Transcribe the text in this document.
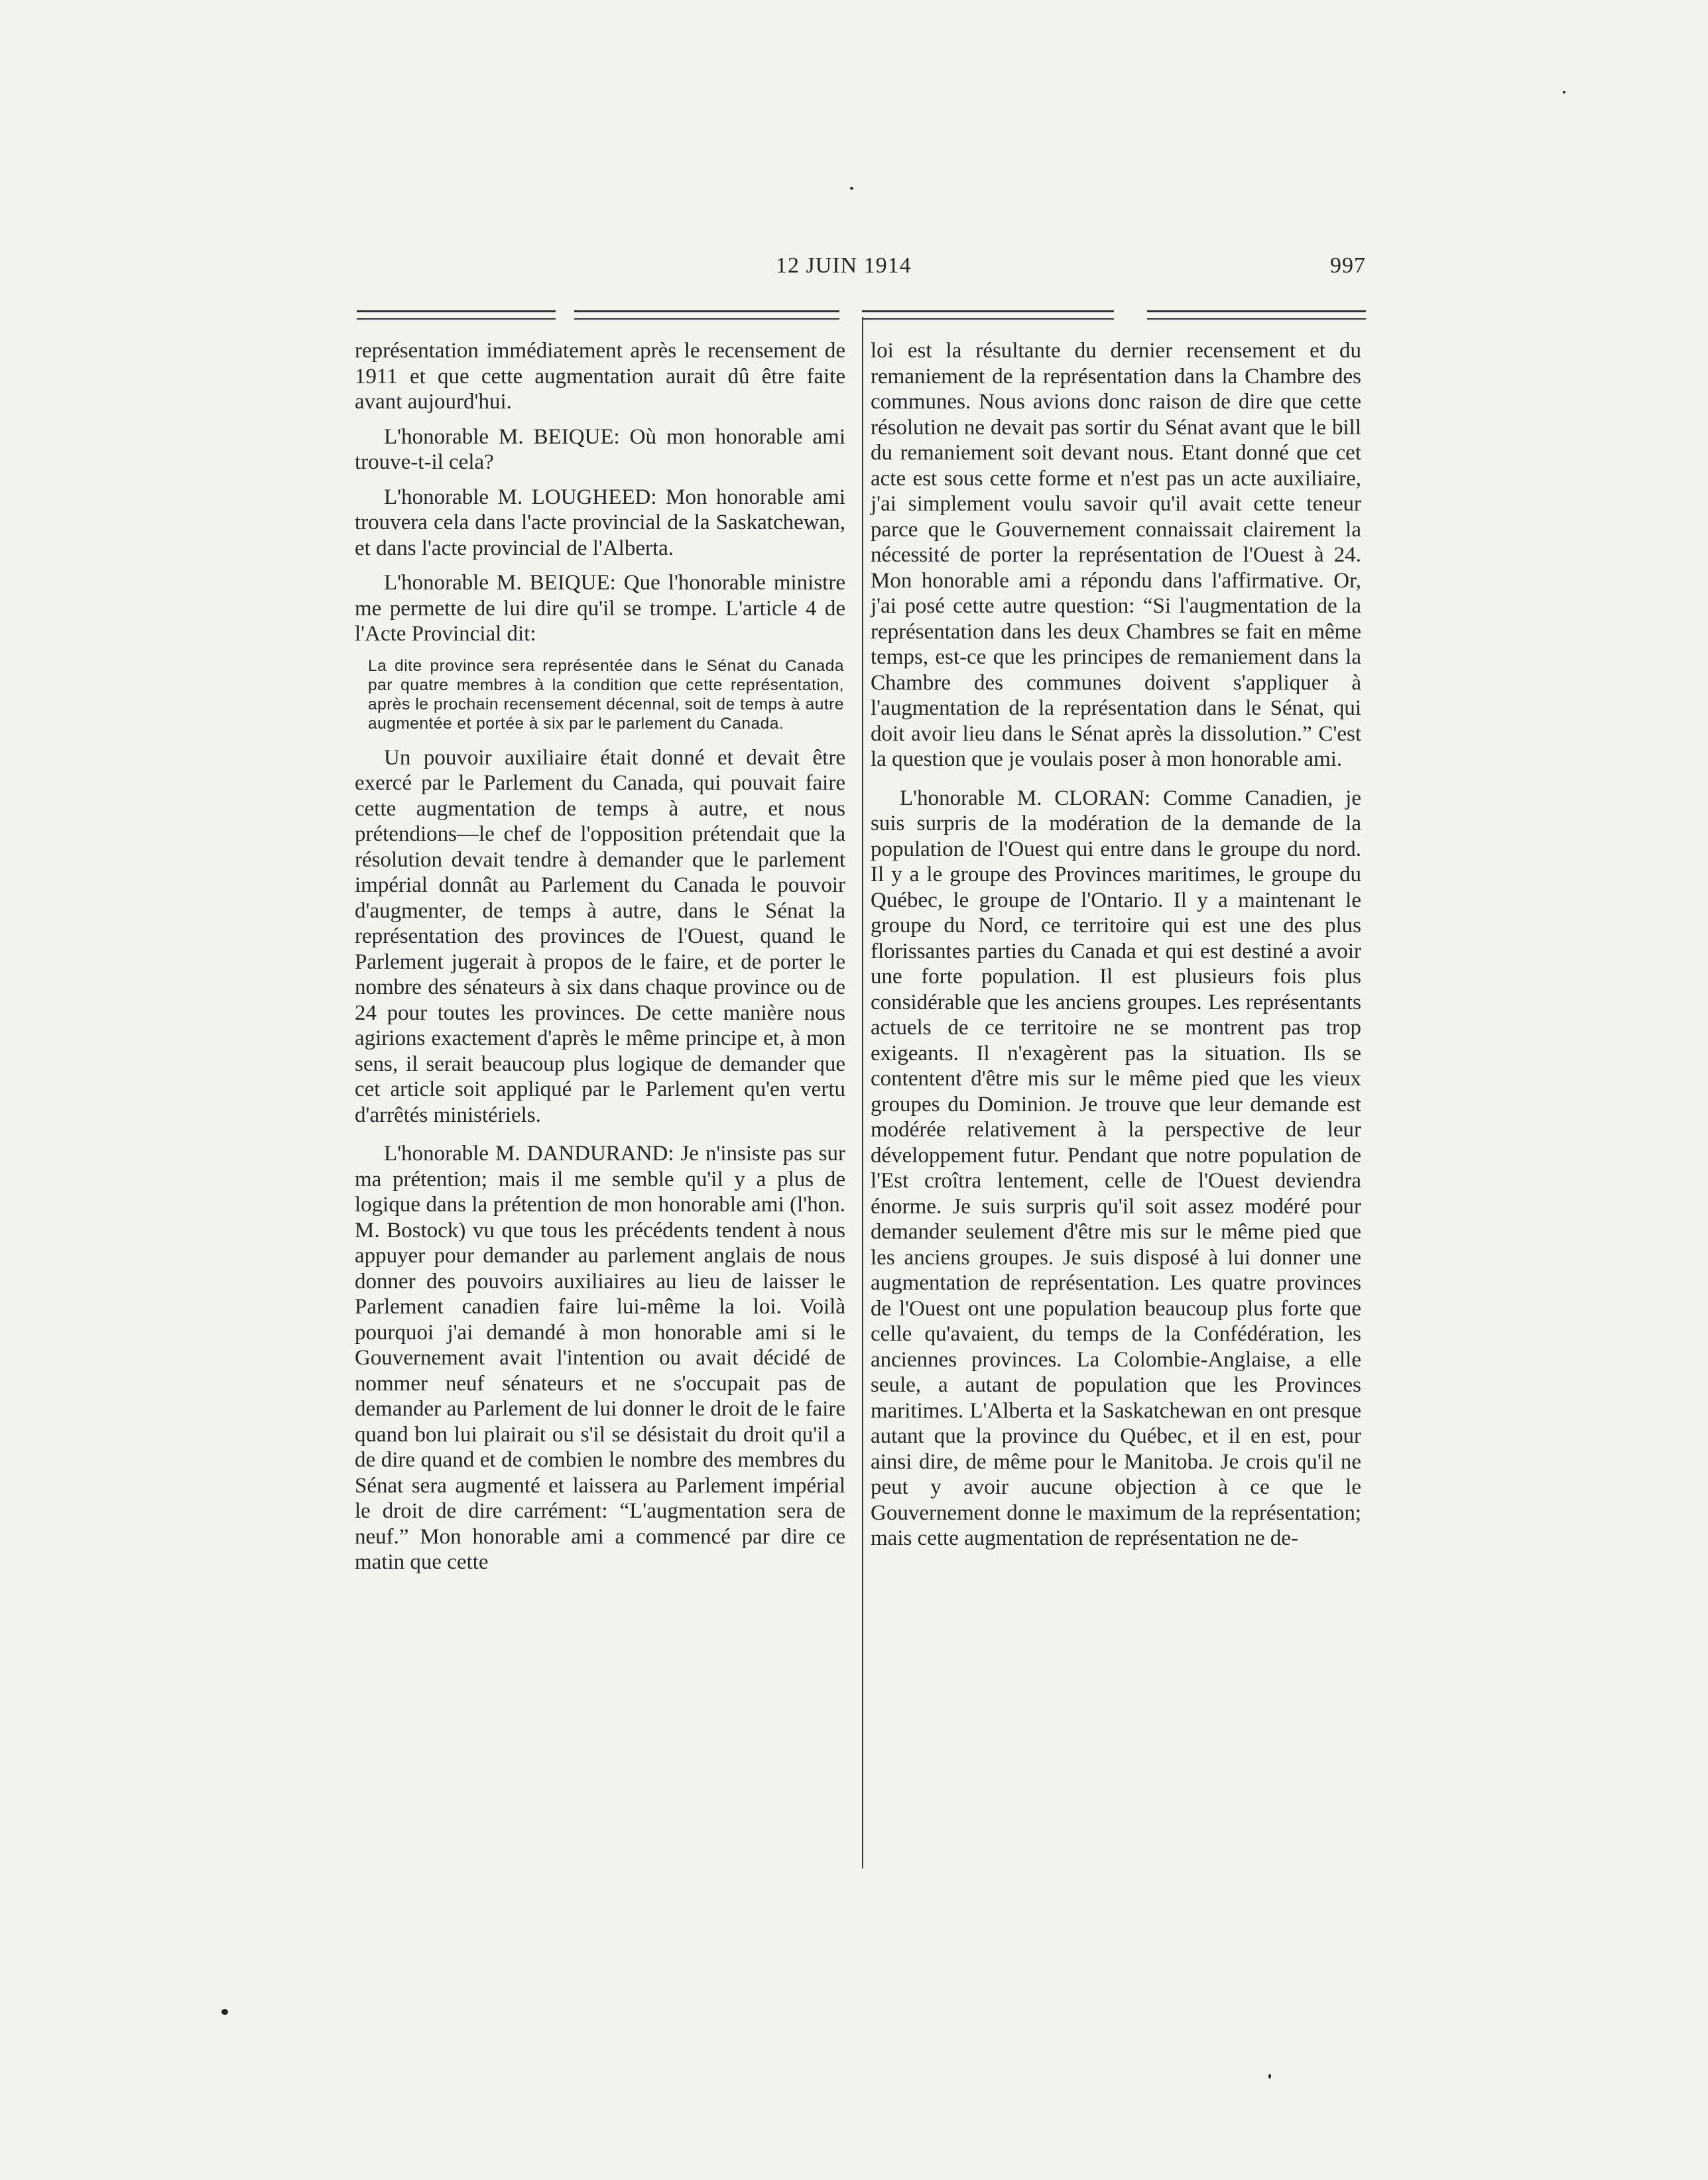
12 JUIN 1914	997

représentation immédiatement après le recensement de 1911 et que cette augmentation aurait dû être faite avant aujourd'hui.

L'honorable M. BEIQUE: Où mon honorable ami trouve-t-il cela?

L'honorable M. LOUGHEED: Mon honorable ami trouvera cela dans l'acte provincial de la Saskatchewan, et dans l'acte provincial de l'Alberta.

L'honorable M. BEIQUE: Que l'honorable ministre me permette de lui dire qu'il se trompe. L'article 4 de l'Acte Provincial dit:

La dite province sera représentée dans le Sénat du Canada par quatre membres à la condition que cette représentation, après le prochain recensement décennal, soit de temps à autre augmentée et portée à six par le parlement du Canada.

Un pouvoir auxiliaire était donné et devait être exercé par le Parlement du Canada, qui pouvait faire cette augmentation de temps à autre, et nous prétendions—le chef de l'opposition prétendait que la résolution devait tendre à demander que le parlement impérial donnât au Parlement du Canada le pouvoir d'augmenter, de temps à autre, dans le Sénat la représentation des provinces de l'Ouest, quand le Parlement jugerait à propos de le faire, et de porter le nombre des sénateurs à six dans chaque province ou de 24 pour toutes les provinces. De cette manière nous agirions exactement d'après le même principe et, à mon sens, il serait beaucoup plus logique de demander que cet article soit appliqué par le Parlement qu'en vertu d'arrêtés ministériels.

L'honorable M. DANDURAND: Je n'insiste pas sur ma prétention; mais il me semble qu'il y a plus de logique dans la prétention de mon honorable ami (l'hon. M. Bostock) vu que tous les précédents tendent à nous appuyer pour demander au parlement anglais de nous donner des pouvoirs auxiliaires au lieu de laisser le Parlement canadien faire lui-même la loi. Voilà pourquoi j'ai demandé à mon honorable ami si le Gouvernement avait l'intention ou avait décidé de nommer neuf sénateurs et ne s'occupait pas de demander au Parlement de lui donner le droit de le faire quand bon lui plairait ou s'il se désistait du droit qu'il a de dire quand et de combien le nombre des membres du Sénat sera augmenté et laissera au Parlement impérial le droit de dire carrément: “L'augmentation sera de neuf.” Mon honorable ami a commencé par dire ce matin que cette

loi est la résultante du dernier recensement et du remaniement de la représentation dans la Chambre des communes. Nous avions donc raison de dire que cette résolution ne devait pas sortir du Sénat avant que le bill du remaniement soit devant nous. Etant donné que cet acte est sous cette forme et n'est pas un acte auxiliaire, j'ai simplement voulu savoir qu'il avait cette teneur parce que le Gouvernement connaissait clairement la nécessité de porter la représentation de l'Ouest à 24. Mon honorable ami a répondu dans l'affirmative. Or, j'ai posé cette autre question: “Si l'augmentation de la représentation dans les deux Chambres se fait en même temps, est-ce que les principes de remaniement dans la Chambre des communes doivent s'appliquer à l'augmentation de la représentation dans le Sénat, qui doit avoir lieu dans le Sénat après la dissolution.” C'est la question que je voulais poser à mon honorable ami.

L'honorable M. CLORAN: Comme Canadien, je suis surpris de la modération de la demande de la population de l'Ouest qui entre dans le groupe du nord. Il y a le groupe des Provinces maritimes, le groupe du Québec, le groupe de l'Ontario. Il y a maintenant le groupe du Nord, ce territoire qui est une des plus florissantes parties du Canada et qui est destiné a avoir une forte population. Il est plusieurs fois plus considérable que les anciens groupes. Les représentants actuels de ce territoire ne se montrent pas trop exigeants. Il n'exagèrent pas la situation. Ils se contentent d'être mis sur le même pied que les vieux groupes du Dominion. Je trouve que leur demande est modérée relativement à la perspective de leur développement futur. Pendant que notre population de l'Est croîtra lentement, celle de l'Ouest deviendra énorme. Je suis surpris qu'il soit assez modéré pour demander seulement d'être mis sur le même pied que les anciens groupes. Je suis disposé à lui donner une augmentation de représentation. Les quatre provinces de l'Ouest ont une population beaucoup plus forte que celle qu'avaient, du temps de la Confédération, les anciennes provinces. La Colombie-Anglaise, a elle seule, a autant de population que les Provinces maritimes. L'Alberta et la Saskatchewan en ont presque autant que la province du Québec, et il en est, pour ainsi dire, de même pour le Manitoba. Je crois qu'il ne peut y avoir aucune objection à ce que le Gouvernement donne le maximum de la représentation; mais cette augmentation de représentation ne de-
